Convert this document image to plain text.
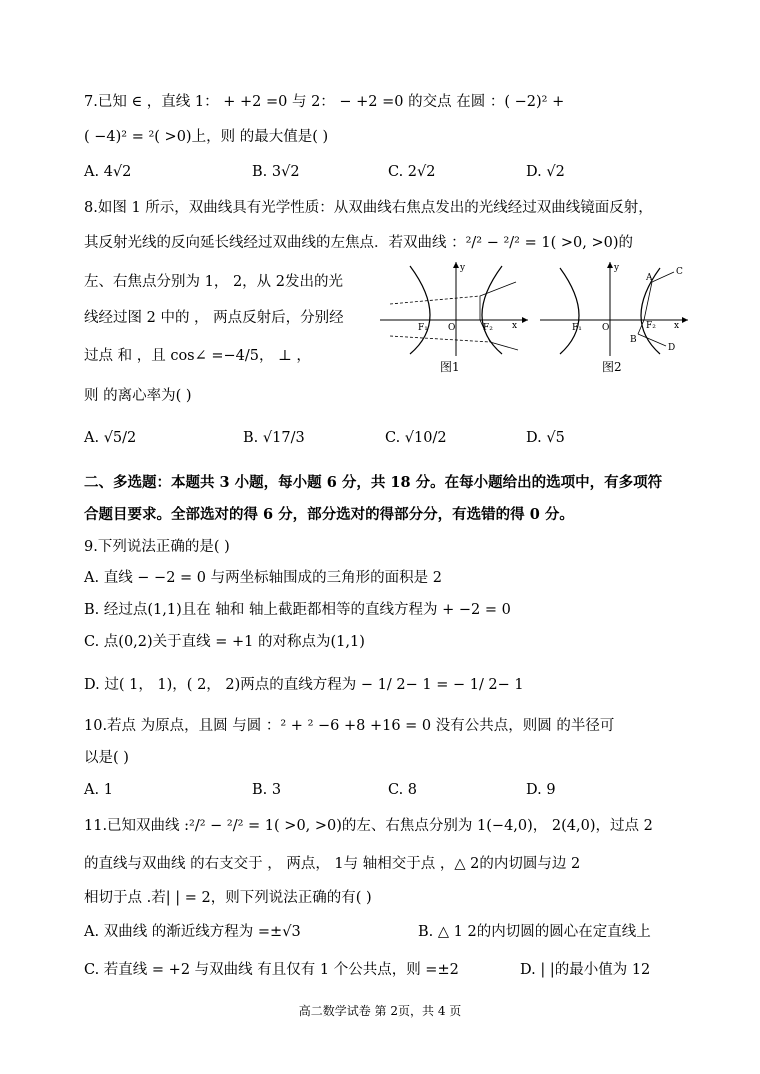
7.已知 ∈ ，直线 1： + +2 =0 与 2： − +2 =0 的交点 在圆 ：( −2)² +
( −4)² = ²( >0)上，则 的最大值是( )
A. 4√2	B. 3√2	C. 2√2	D. √2
8.如图 1 所示，双曲线具有光学性质：从双曲线右焦点发出的光线经过双曲线镜面反射，
其反射光线的反向延长线经过双曲线的左焦点．若双曲线 ：²/² − ²/² = 1( >0, >0)的
左、右焦点分别为 1， 2，从 2发出的光
线经过图 2 中的 ， 两点反射后，分别经
过点 和 ，且 cos∠ =−4/5， ⊥ ，
则 的离心率为( )
F₁ O	F₂ x
y
图1
F₁ O	F₂
A
C
B
D
x
y
图2
A. √5/2	B. √17/3	C. √10/2	D. √5
二、多选题：本题共 3 小题，每小题 6 分，共 18 分。在每小题给出的选项中，有多项符
合题目要求。全部选对的得 6 分，部分选对的得部分分，有选错的得 0 分。
9.下列说法正确的是( )
A. 直线 − −2 = 0 与两坐标轴围成的三角形的面积是 2
B. 经过点(1,1)且在 轴和 轴上截距都相等的直线方程为 + −2 = 0
C. 点(0,2)关于直线 = +1 的对称点为(1,1)
D. 过( 1， 1)，( 2， 2)两点的直线方程为 − 1/ 2− 1 = − 1/ 2− 1
10.若点 为原点，且圆 与圆 ：² + ² −6 +8 +16 = 0 没有公共点，则圆 的半径可
以是( )
A. 1	B. 3	C. 8	D. 9
11.已知双曲线 :²/² − ²/² = 1( >0, >0)的左、右焦点分别为 1(−4,0)， 2(4,0)，过点 2
的直线与双曲线 的右支交于 ， 两点， 1与 轴相交于点 ，△ 2的内切圆与边 2
相切于点 .若| | = 2，则下列说法正确的有( )
A. 双曲线 的渐近线方程为 =±√3	B. △ 1 2的内切圆的圆心在定直线上
C. 若直线 = +2 与双曲线 有且仅有 1 个公共点，则 =±2	D. | |的最小值为 12
高二数学试卷 第 2页，共 4 页
